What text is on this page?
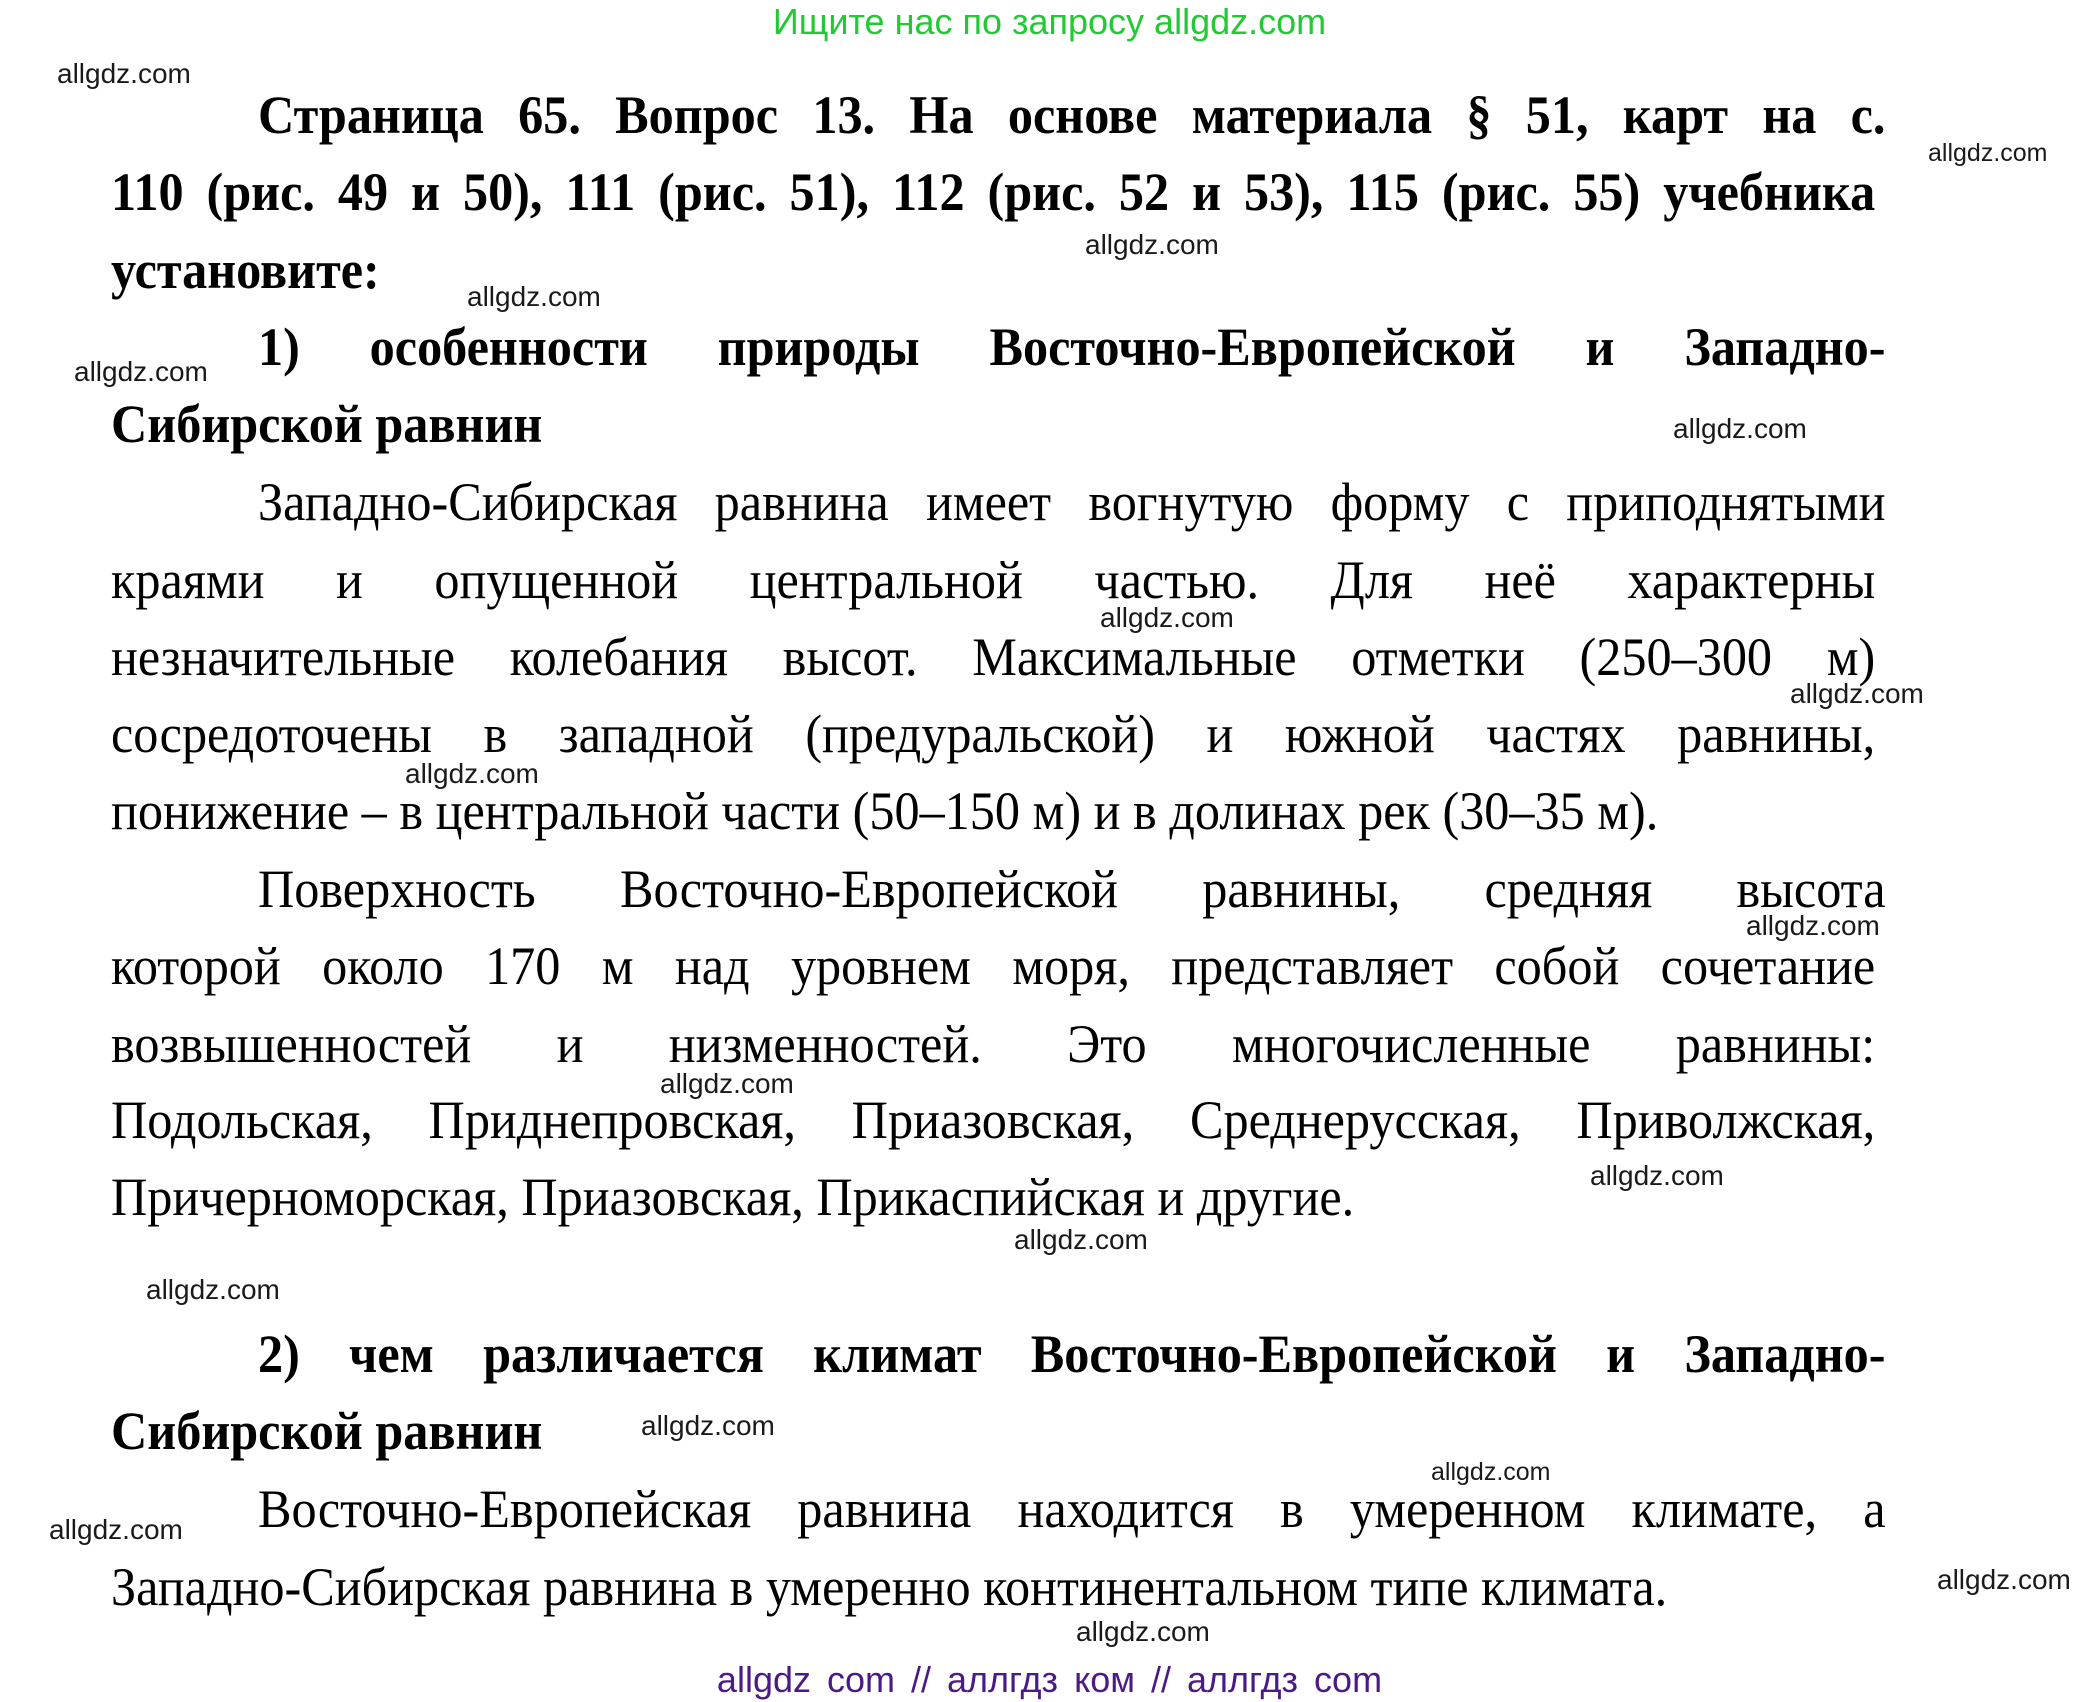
Ищите нас по запросу allgdz.com
Страница 65. Вопрос 13. На основе материала § 51, карт на с.
110 (рис. 49 и 50), 111 (рис. 51), 112 (рис. 52 и 53), 115 (рис. 55) учебника
установите:
1) особенности природы Восточно-Европейской и Западно-
Сибирской равнин
Западно-Сибирская равнина имеет вогнутую форму с приподнятыми
краями и опущенной центральной частью. Для неё характерны
незначительные колебания высот. Максимальные отметки (250–300 м)
сосредоточены в западной (предуральской) и южной частях равнины,
понижение – в центральной части (50–150 м) и в долинах рек (30–35 м).
Поверхность Восточно-Европейской равнины, средняя высота
которой около 170 м над уровнем моря, представляет собой сочетание
возвышенностей и низменностей. Это многочисленные равнины:
Подольская, Приднепровская, Приазовская, Среднерусская, Приволжская,
Причерноморская, Приазовская, Прикаспийская и другие.
2) чем различается климат Восточно-Европейской и Западно-
Сибирской равнин
Восточно-Европейская равнина находится в умеренном климате, а
Западно-Сибирская равнина в умеренно континентальном типе климата.
allgdz.com
allgdz.com
allgdz.com
allgdz.com
allgdz.com
allgdz.com
allgdz.com
allgdz.com
allgdz.com
allgdz.com
allgdz.com
allgdz.com
allgdz.com
allgdz.com
allgdz.com
allgdz.com
allgdz.com
allgdz.com
allgdz.com
allgdz com // аллгдз ком // аллгдз com
